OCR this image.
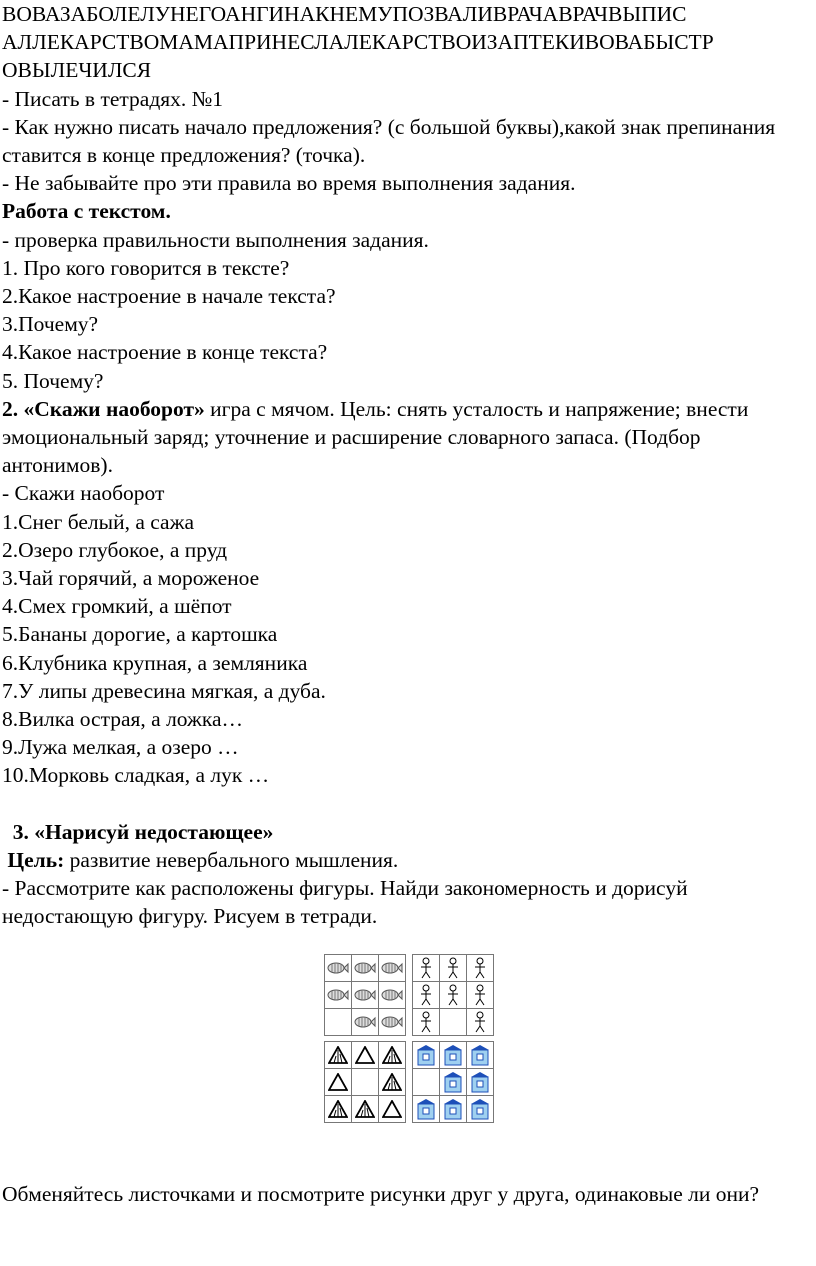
ВОВАЗАБОЛЕЛУНЕГОАНГИНАКНЕМУПОЗВАЛИВРАЧАВРАЧВЫПИС

АЛЛЕКАРСТВОМАМАПРИНЕСЛАЛЕКАРСТВОИЗАПТЕКИВОВАБЫСТР

ОВЫЛЕЧИЛСЯ

- Писать в тетрадях. №1

- Как нужно писать начало предложения? (с большой буквы),какой знак препинания ставится в конце предложения? (точка).

- Не забывайте про эти правила во время выполнения задания.

Работа с текстом.

- проверка правильности выполнения задания.

1. Про кого говорится в тексте?

2.Какое настроение в начале текста?

3.Почему?

4.Какое настроение в конце текста?

5. Почему?

2. «Скажи наоборот» игра с мячом. Цель: снять усталость и напряжение; внести эмоциональный заряд; уточнение и расширение словарного запаса. (Подбор антонимов).

- Скажи наоборот

1.Снег белый, а сажа

2.Озеро глубокое, а пруд

3.Чай горячий, а мороженое

4.Смех громкий, а шёпот

5.Бананы дорогие, а картошка

6.Клубника крупная, а земляника

7.У липы древесина мягкая, а дуба.

8.Вилка острая, а ложка…

9.Лужа мелкая, а озеро …

10.Морковь сладкая, а лук …

3. «Нарисуй недостающее»

Цель: развитие невербального мышления.

- Рассмотрите как расположены фигуры. Найди закономерность и дорисуй недостающую фигуру. Рисуем в тетради.

Обменяйтесь листочками и посмотрите рисунки друг у друга, одинаковые ли они?
